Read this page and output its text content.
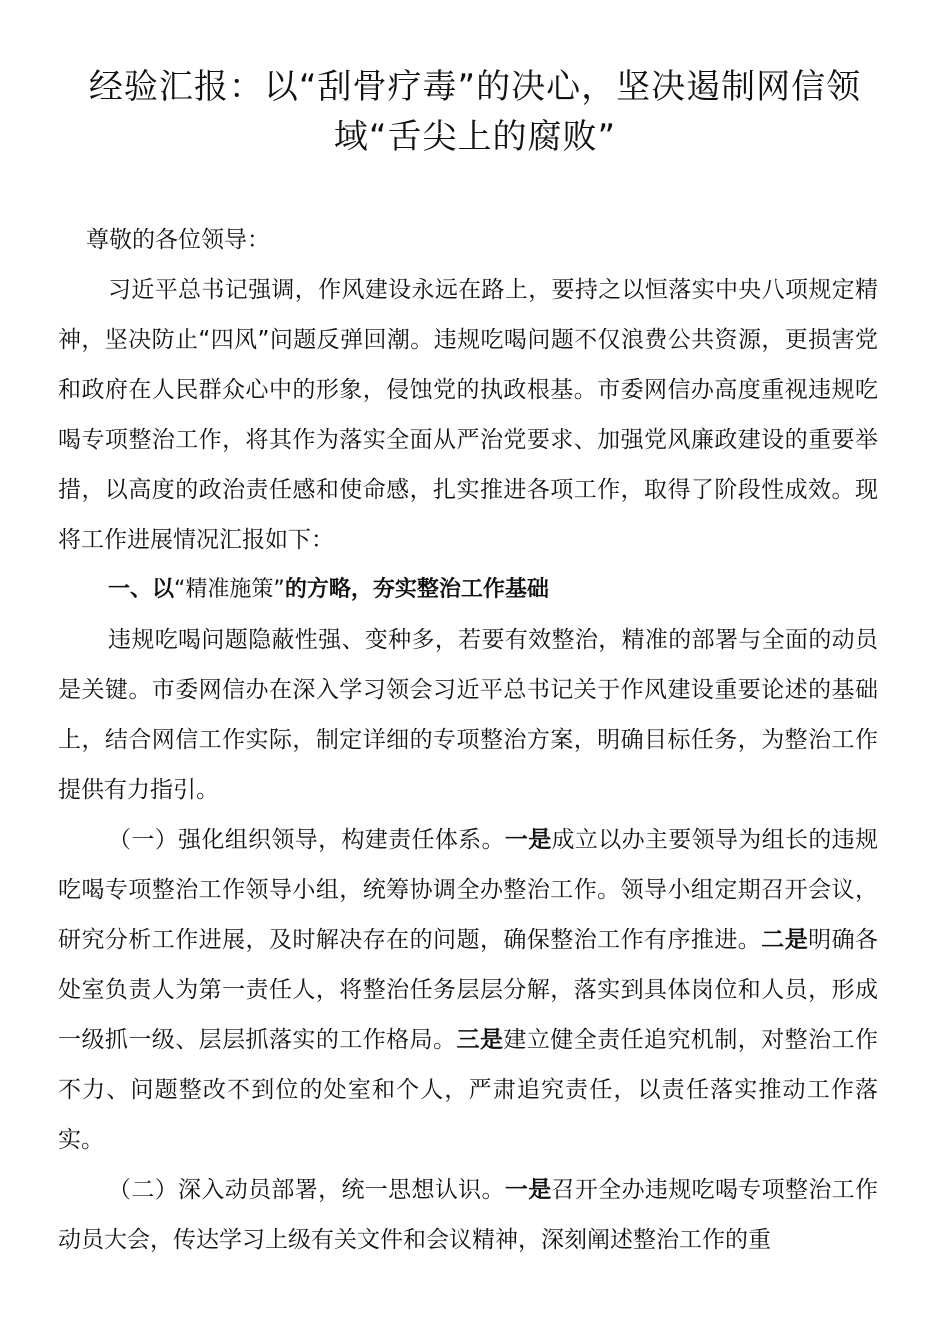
经验汇报：以“刮骨疗毒”的决心，坚决遏制网信领
域“舌尖上的腐败”

尊敬的各位领导：

习近平总书记强调，作风建设永远在路上，要持之以恒落实中央八项规定精神，坚决防止“四风”问题反弹回潮。违规吃喝问题不仅浪费公共资源，更损害党和政府在人民群众心中的形象，侵蚀党的执政根基。市委网信办高度重视违规吃喝专项整治工作，将其作为落实全面从严治党要求、加强党风廉政建设的重要举措，以高度的政治责任感和使命感，扎实推进各项工作，取得了阶段性成效。现将工作进展情况汇报如下：

一、以“精准施策”的方略，夯实整治工作基础

违规吃喝问题隐蔽性强、变种多，若要有效整治，精准的部署与全面的动员是关键。市委网信办在深入学习领会习近平总书记关于作风建设重要论述的基础上，结合网信工作实际，制定详细的专项整治方案，明确目标任务，为整治工作提供有力指引。

（一）强化组织领导，构建责任体系。一是成立以办主要领导为组长的违规吃喝专项整治工作领导小组，统筹协调全办整治工作。领导小组定期召开会议，研究分析工作进展，及时解决存在的问题，确保整治工作有序推进。二是明确各处室负责人为第一责任人，将整治任务层层分解，落实到具体岗位和人员，形成一级抓一级、层层抓落实的工作格局。三是建立健全责任追究机制，对整治工作不力、问题整改不到位的处室和个人，严肃追究责任，以责任落实推动工作落实。

（二）深入动员部署，统一思想认识。一是召开全办违规吃喝专项整治工作动员大会，传达学习上级有关文件和会议精神，深刻阐述整治工作的重
